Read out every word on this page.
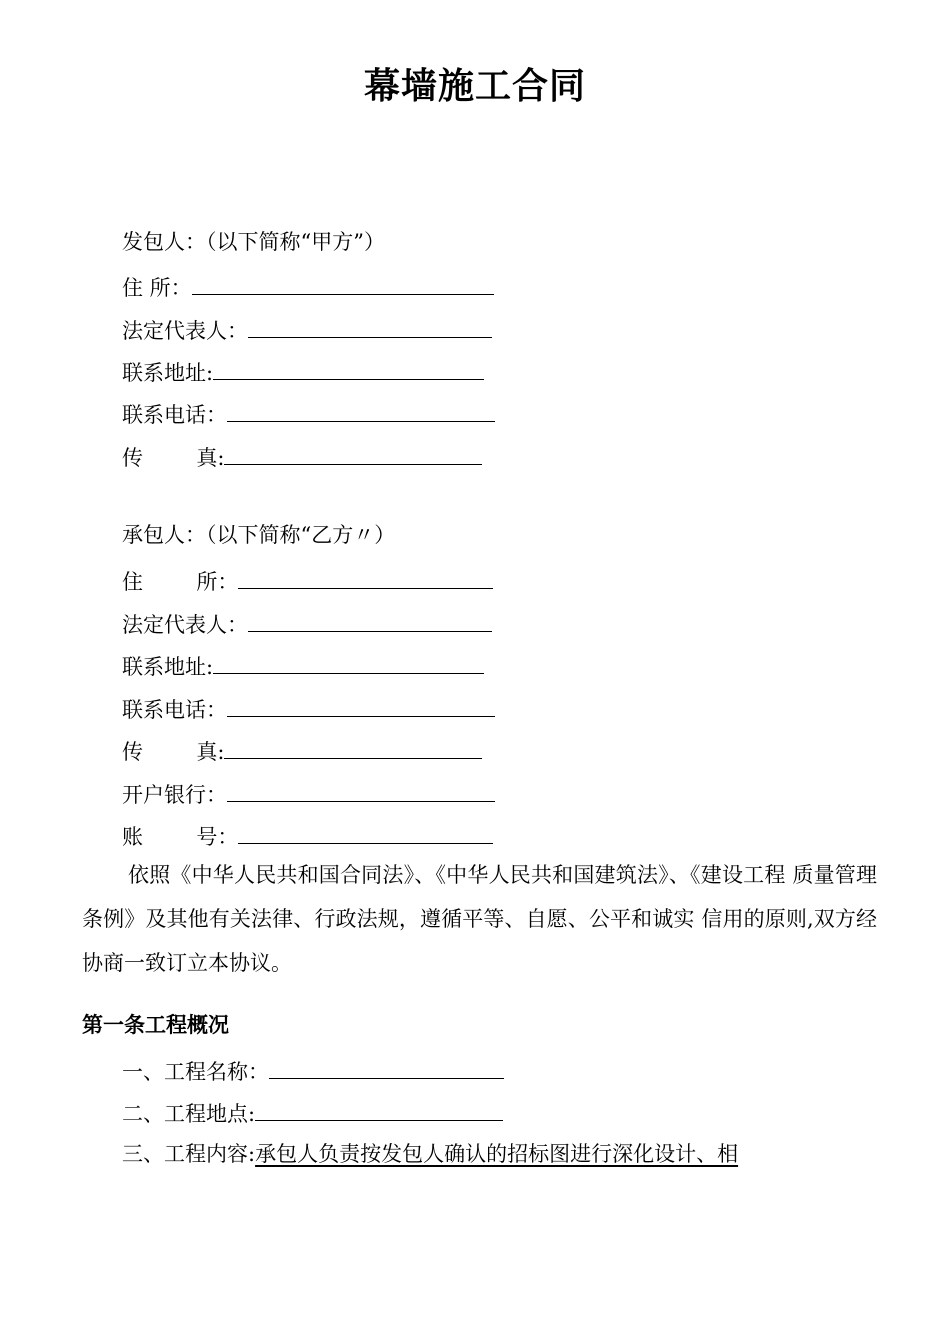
幕墙施工合同
发包人：（以下简称“甲方”）
住 所：
法定代表人：
联系地址:
联系电话：
传        真:
承包人：（以下简称“乙方〃）
住        所：
法定代表人：
联系地址:
联系电话：
传        真:
开户银行：
账        号：
依照《中华人民共和国合同法》、《中华人民共和国建筑法》、《建设工程 质量管理条例》及其他有关法律、行政法规，遵循平等、自愿、公平和诚实 信用的原则,双方经协商一致订立本协议。
第一条工程概况
一、工程名称：
二、工程地点:
三、工程内容:承包人负责按发包人确认的招标图进行深化设计、相
